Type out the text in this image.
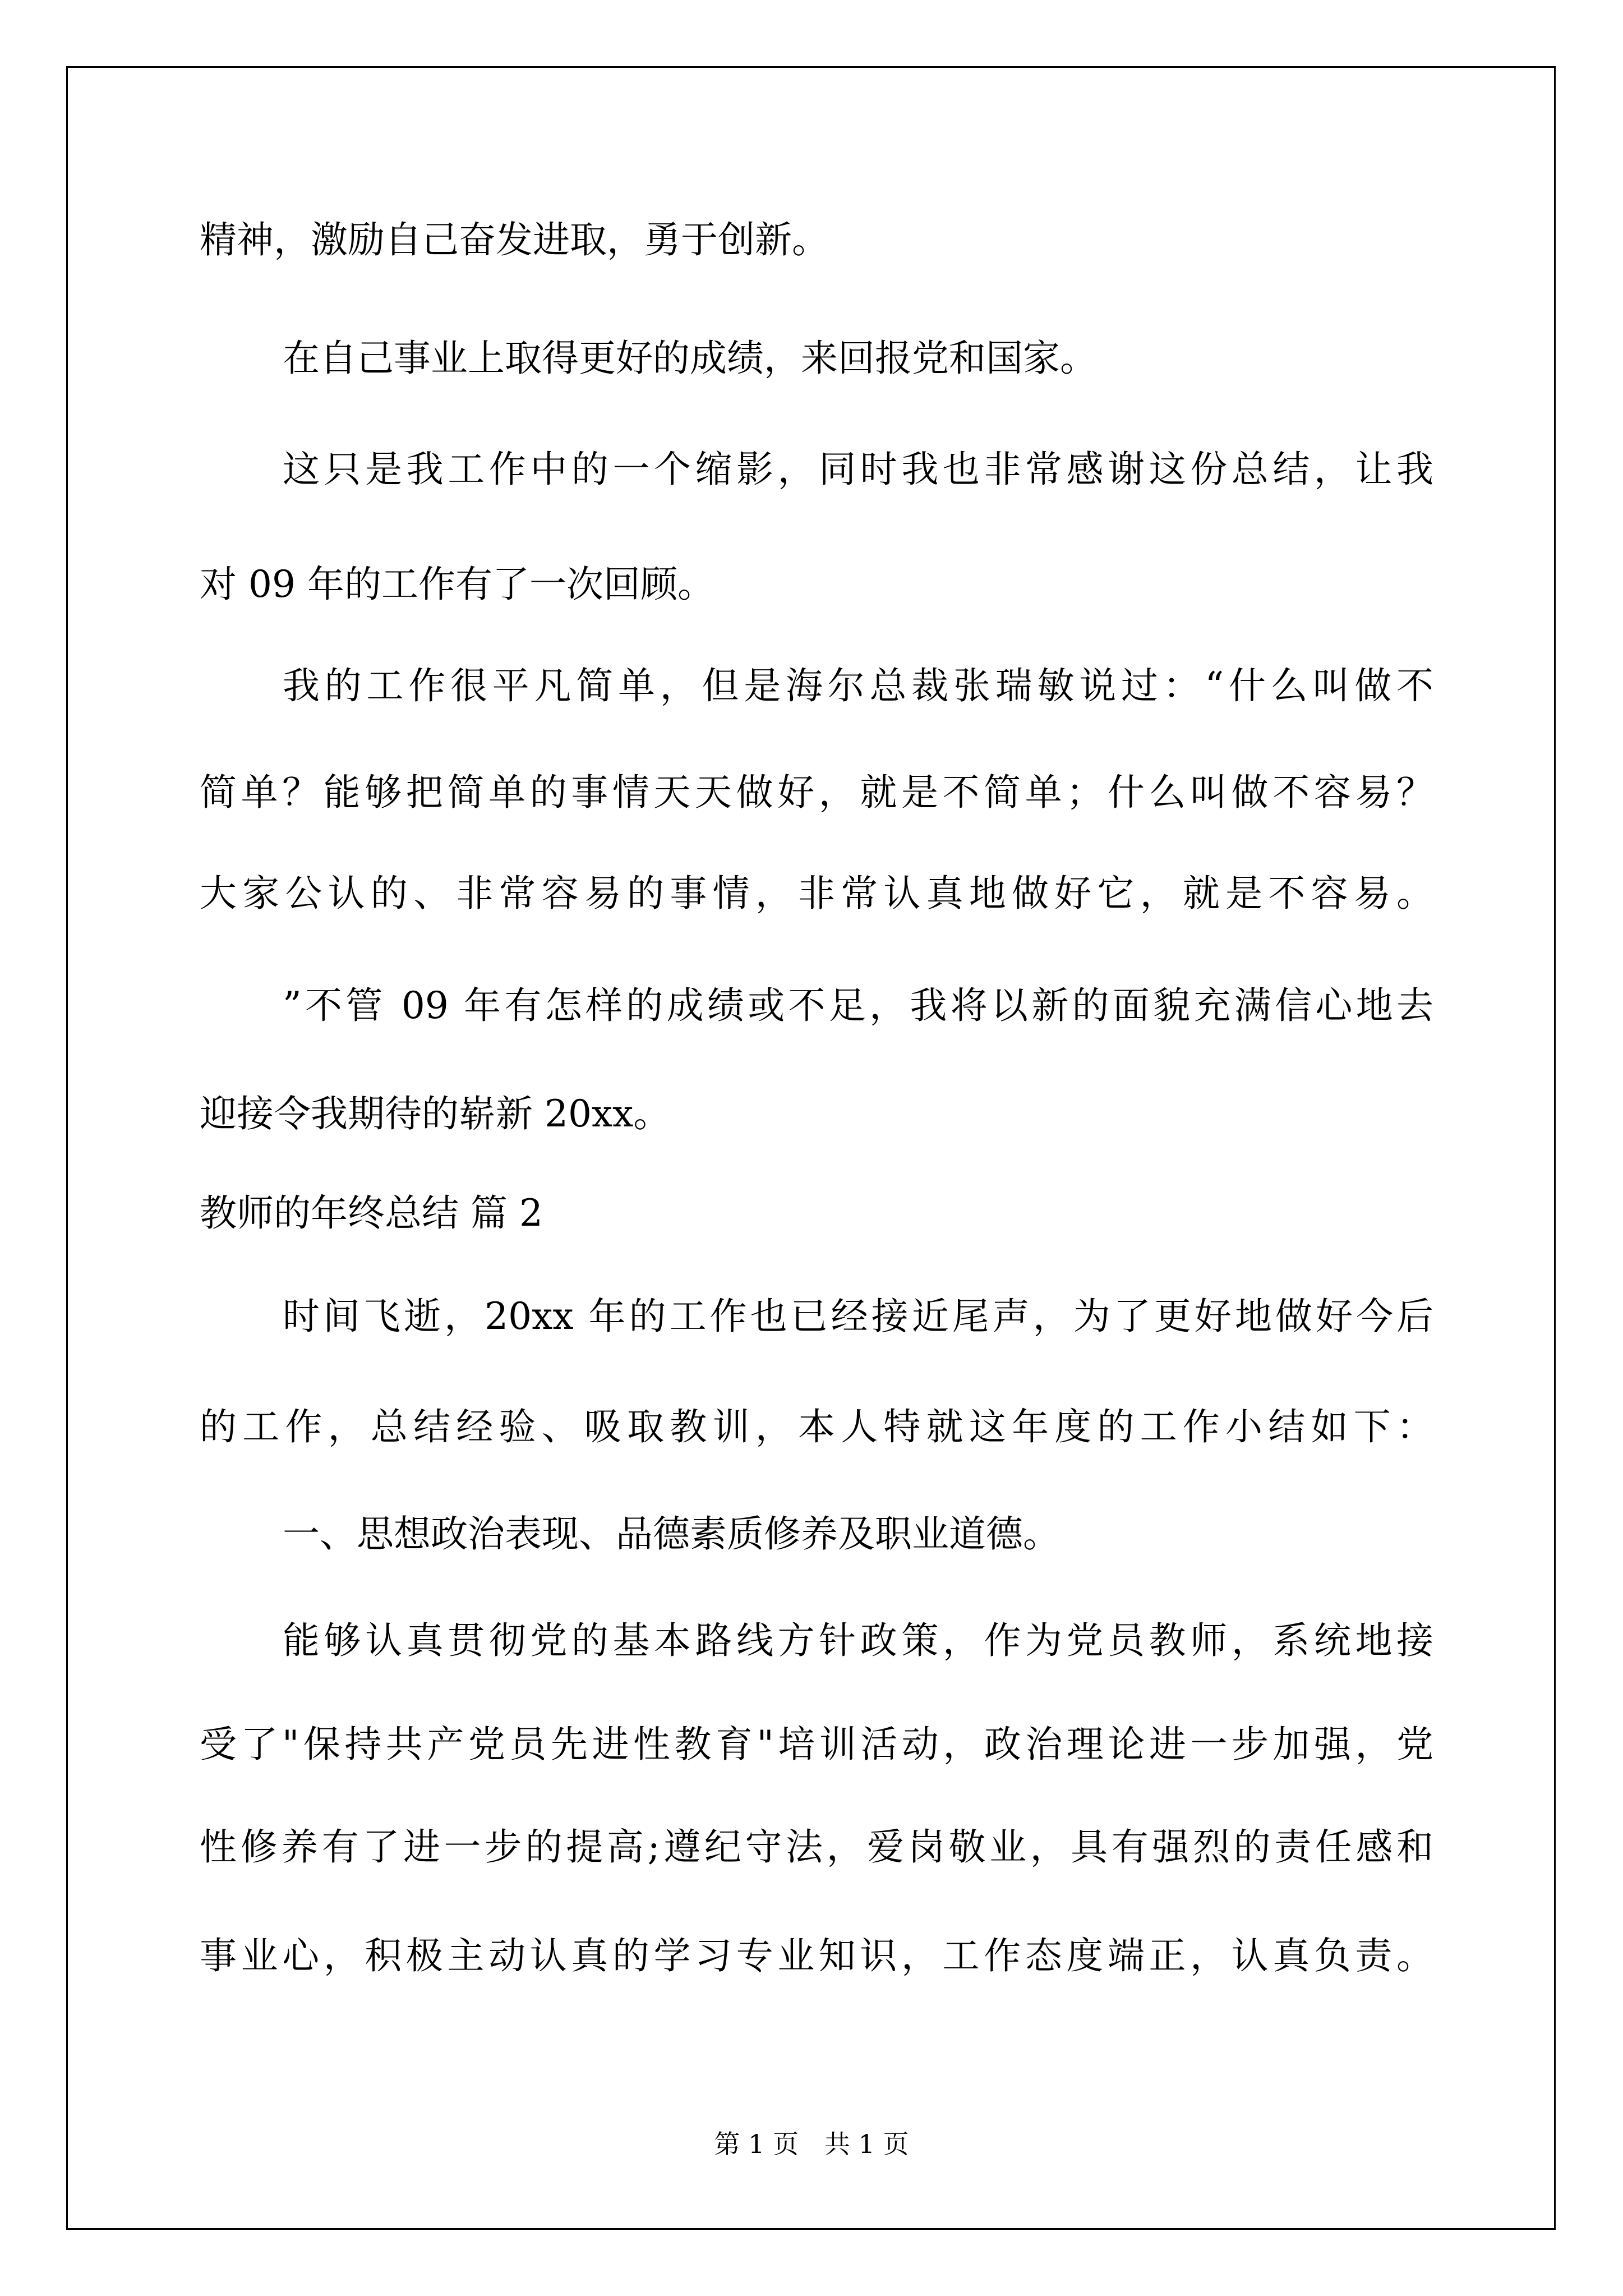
精神，激励自己奋发进取，勇于创新。
在自己事业上取得更好的成绩，来回报党和国家。
这只是我工作中的一个缩影，同时我也非常感谢这份总结，让我
对 09 年的工作有了一次回顾。
我的工作很平凡简单，但是海尔总裁张瑞敏说过：“什么叫做不
简单？能够把简单的事情天天做好，就是不简单；什么叫做不容易？
大家公认的、非常容易的事情，非常认真地做好它，就是不容易。
”不管 09 年有怎样的成绩或不足，我将以新的面貌充满信心地去
迎接令我期待的崭新 20xx。
教师的年终总结 篇 2
时间飞逝，20xx 年的工作也已经接近尾声，为了更好地做好今后
的工作，总结经验、吸取教训，本人特就这年度的工作小结如下：
一、思想政治表现、品德素质修养及职业道德。
能够认真贯彻党的基本路线方针政策，作为党员教师，系统地接
受了"保持共产党员先进性教育"培训活动，政治理论进一步加强，党
性修养有了进一步的提高;遵纪守法，爱岗敬业，具有强烈的责任感和
事业心，积极主动认真的学习专业知识，工作态度端正，认真负责。
第 1 页　共 1 页
